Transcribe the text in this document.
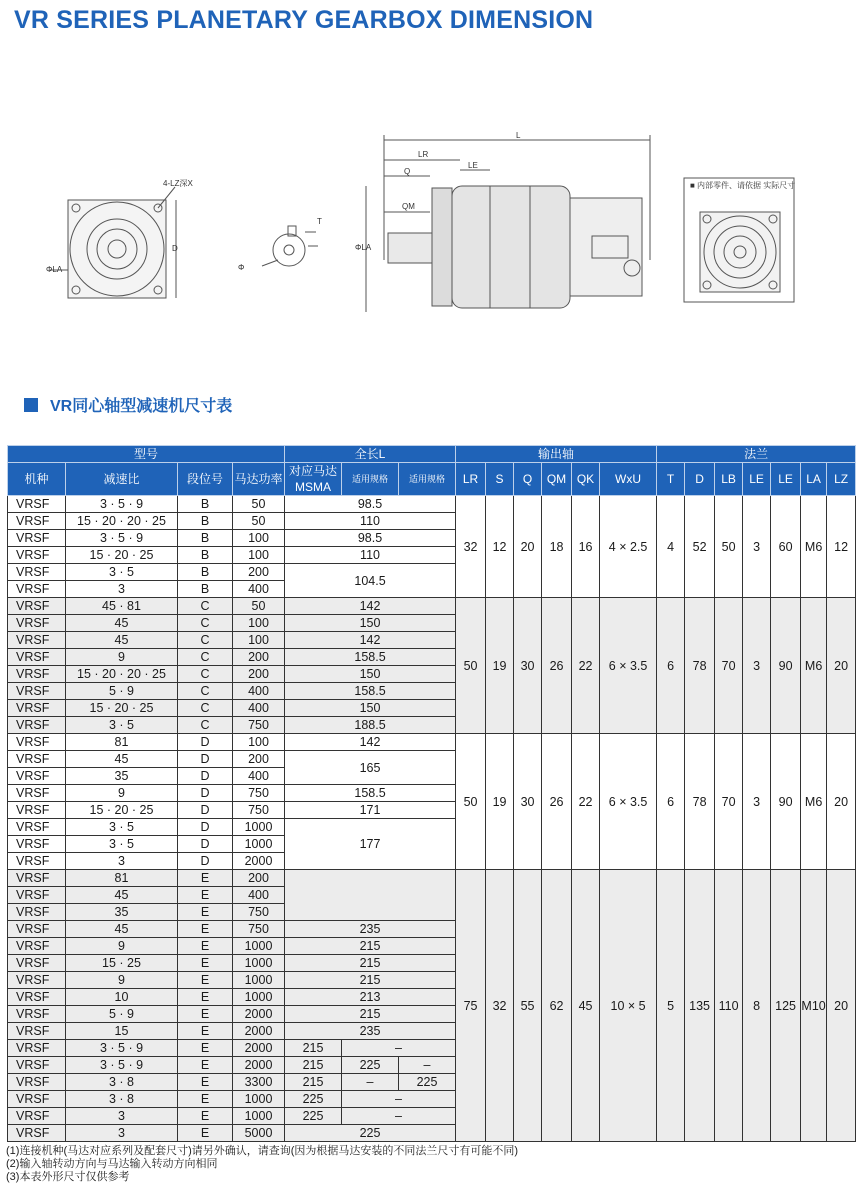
VR SERIES PLANETARY GEARBOX DIMENSION
4-LZ深X
ΦLA
D
Φ
T
L
LR
Q
LE
QM
ΦLA
■ 内部零件、请依据 实际尺寸
VR同心轴型减速机尺寸表
型号				全长L			输出轴						法兰						
机种	减速比	段位号	马达功率	对应马达MSMA	适用规格	适用规格	LR	S	Q	QM	QK	WxU	T	D	LB	LE	LE	LA	LZ
VRSF	3 · 5 · 9	B	50	98.5			32	12	20	18	16	4 × 2.5	4	52	50	3	60	M6	12
VRSF	15 · 20 · 20 · 25	B	50	110															
VRSF	3 · 5 · 9	B	100	98.5															
VRSF	15 · 20 · 25	B	100	110															
VRSF	3 · 5	B	200	104.5															
VRSF	3	B	400																
VRSF	45 · 81	C	50	142			50	19	30	26	22	6 × 3.5	6	78	70	3	90	M6	20
VRSF	45	C	100	150															
VRSF	45	C	100	142															
VRSF	9	C	200	158.5															
VRSF	15 · 20 · 20 · 25	C	200	150															
VRSF	5 · 9	C	400	158.5															
VRSF	15 · 20 · 25	C	400	150															
VRSF	3 · 5	C	750	188.5															
VRSF	81	D	100	142			50	19	30	26	22	6 × 3.5	6	78	70	3	90	M6	20
VRSF	45	D	200	165															
VRSF	35	D	400																
VRSF	9	D	750	158.5															
VRSF	15 · 20 · 25	D	750	171															
VRSF	3 · 5	D	1000	177															
VRSF	3 · 5	D	1000																
VRSF	3	D	2000																
VRSF	81	E	200				75	32	55	62	45	10 × 5	5	135	110	8	125	M10	20
VRSF	45	E	400																
VRSF	35	E	750																
VRSF	45	E	750	235															
VRSF	9	E	1000	215															
VRSF	15 · 25	E	1000	215															
VRSF	9	E	1000	215															
VRSF	10	E	1000	213															
VRSF	5 · 9	E	2000	215															
VRSF	15	E	2000	235															
VRSF	3 · 5 · 9	E	2000	215	–														
VRSF	3 · 5 · 9	E	2000	215	225	–													
VRSF	3 · 8	E	3300	215	–	225													
VRSF	3 · 8	E	1000	225	–														
VRSF	3	E	1000	225	–														
VRSF	3	E	5000	225															
(1)连接机种(马达对应系列及配套尺寸)请另外确认，请查询(因为根据马达安装的不同法兰尺寸有可能不同)
(2)输入轴转动方向与马达输入转动方向相同
(3)本表外形尺寸仅供参考
